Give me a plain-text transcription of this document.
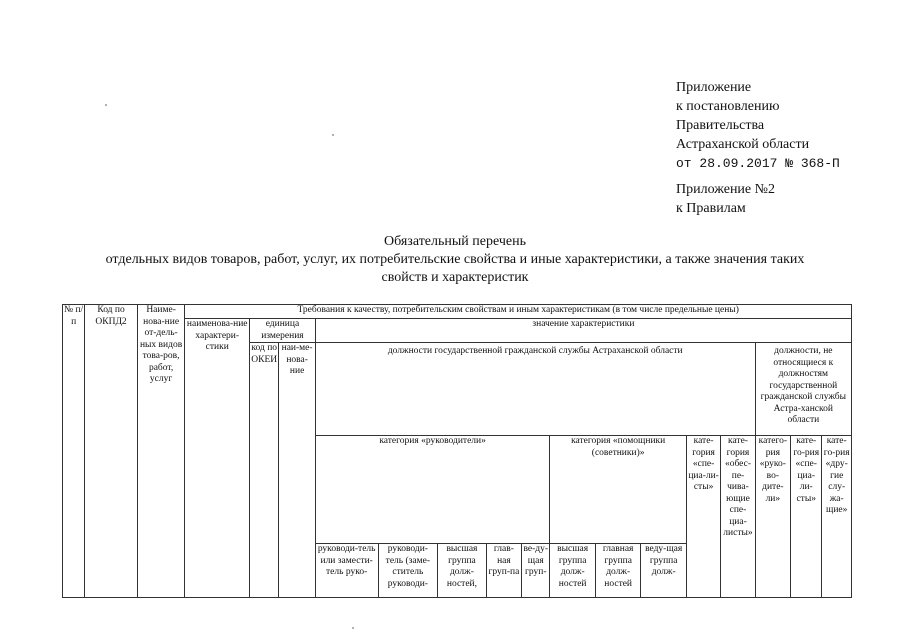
Приложение
к постановлению
Правительства
Астраханской области
от 28.09.2017 № 368-П
Приложение №2
к Правилам
Обязательный перечень
отдельных видов товаров, работ, услуг, их потребительские свойства и иные характеристики, а также значения таких
свойств и характеристик
№ п/п	Код по ОКПД2	Наиме-нова-ние от-дель-ных видов това-ров, работ, услуг	Требования к качеству, потребительским свойствам и иным характеристикам (в том числе предельные цены)															
			наименова-ние характери-стики	единица измерения		значение характеристики												
				код по ОКЕИ	наи-ме-нова-ние	должности государственной гражданской службы Астраханской области										должности, не относящиеся к должностям государственной гражданской службы Астра-ханской области		
						категория «руководители»					категория «помощники (советники)»			кате-гория «спе-циа-ли-сты»	кате-гория «обес-пе-чива-ющие спе-циа-листы»	катего-рия «руко-во-дите-ли»	кате-го-рия «спе-циа-ли-сты»	кате-го-рия «дру-гие слу-жа-щие»
						руководи-тель или замести-тель руко-	руководи-тель (заме-ститель руководи-	высшая группа долж-ностей,	глав-ная груп-па	ве-ду-щая груп-	высшая группа долж-ностей	главная группа долж-ностей	веду-щая группа долж-					
